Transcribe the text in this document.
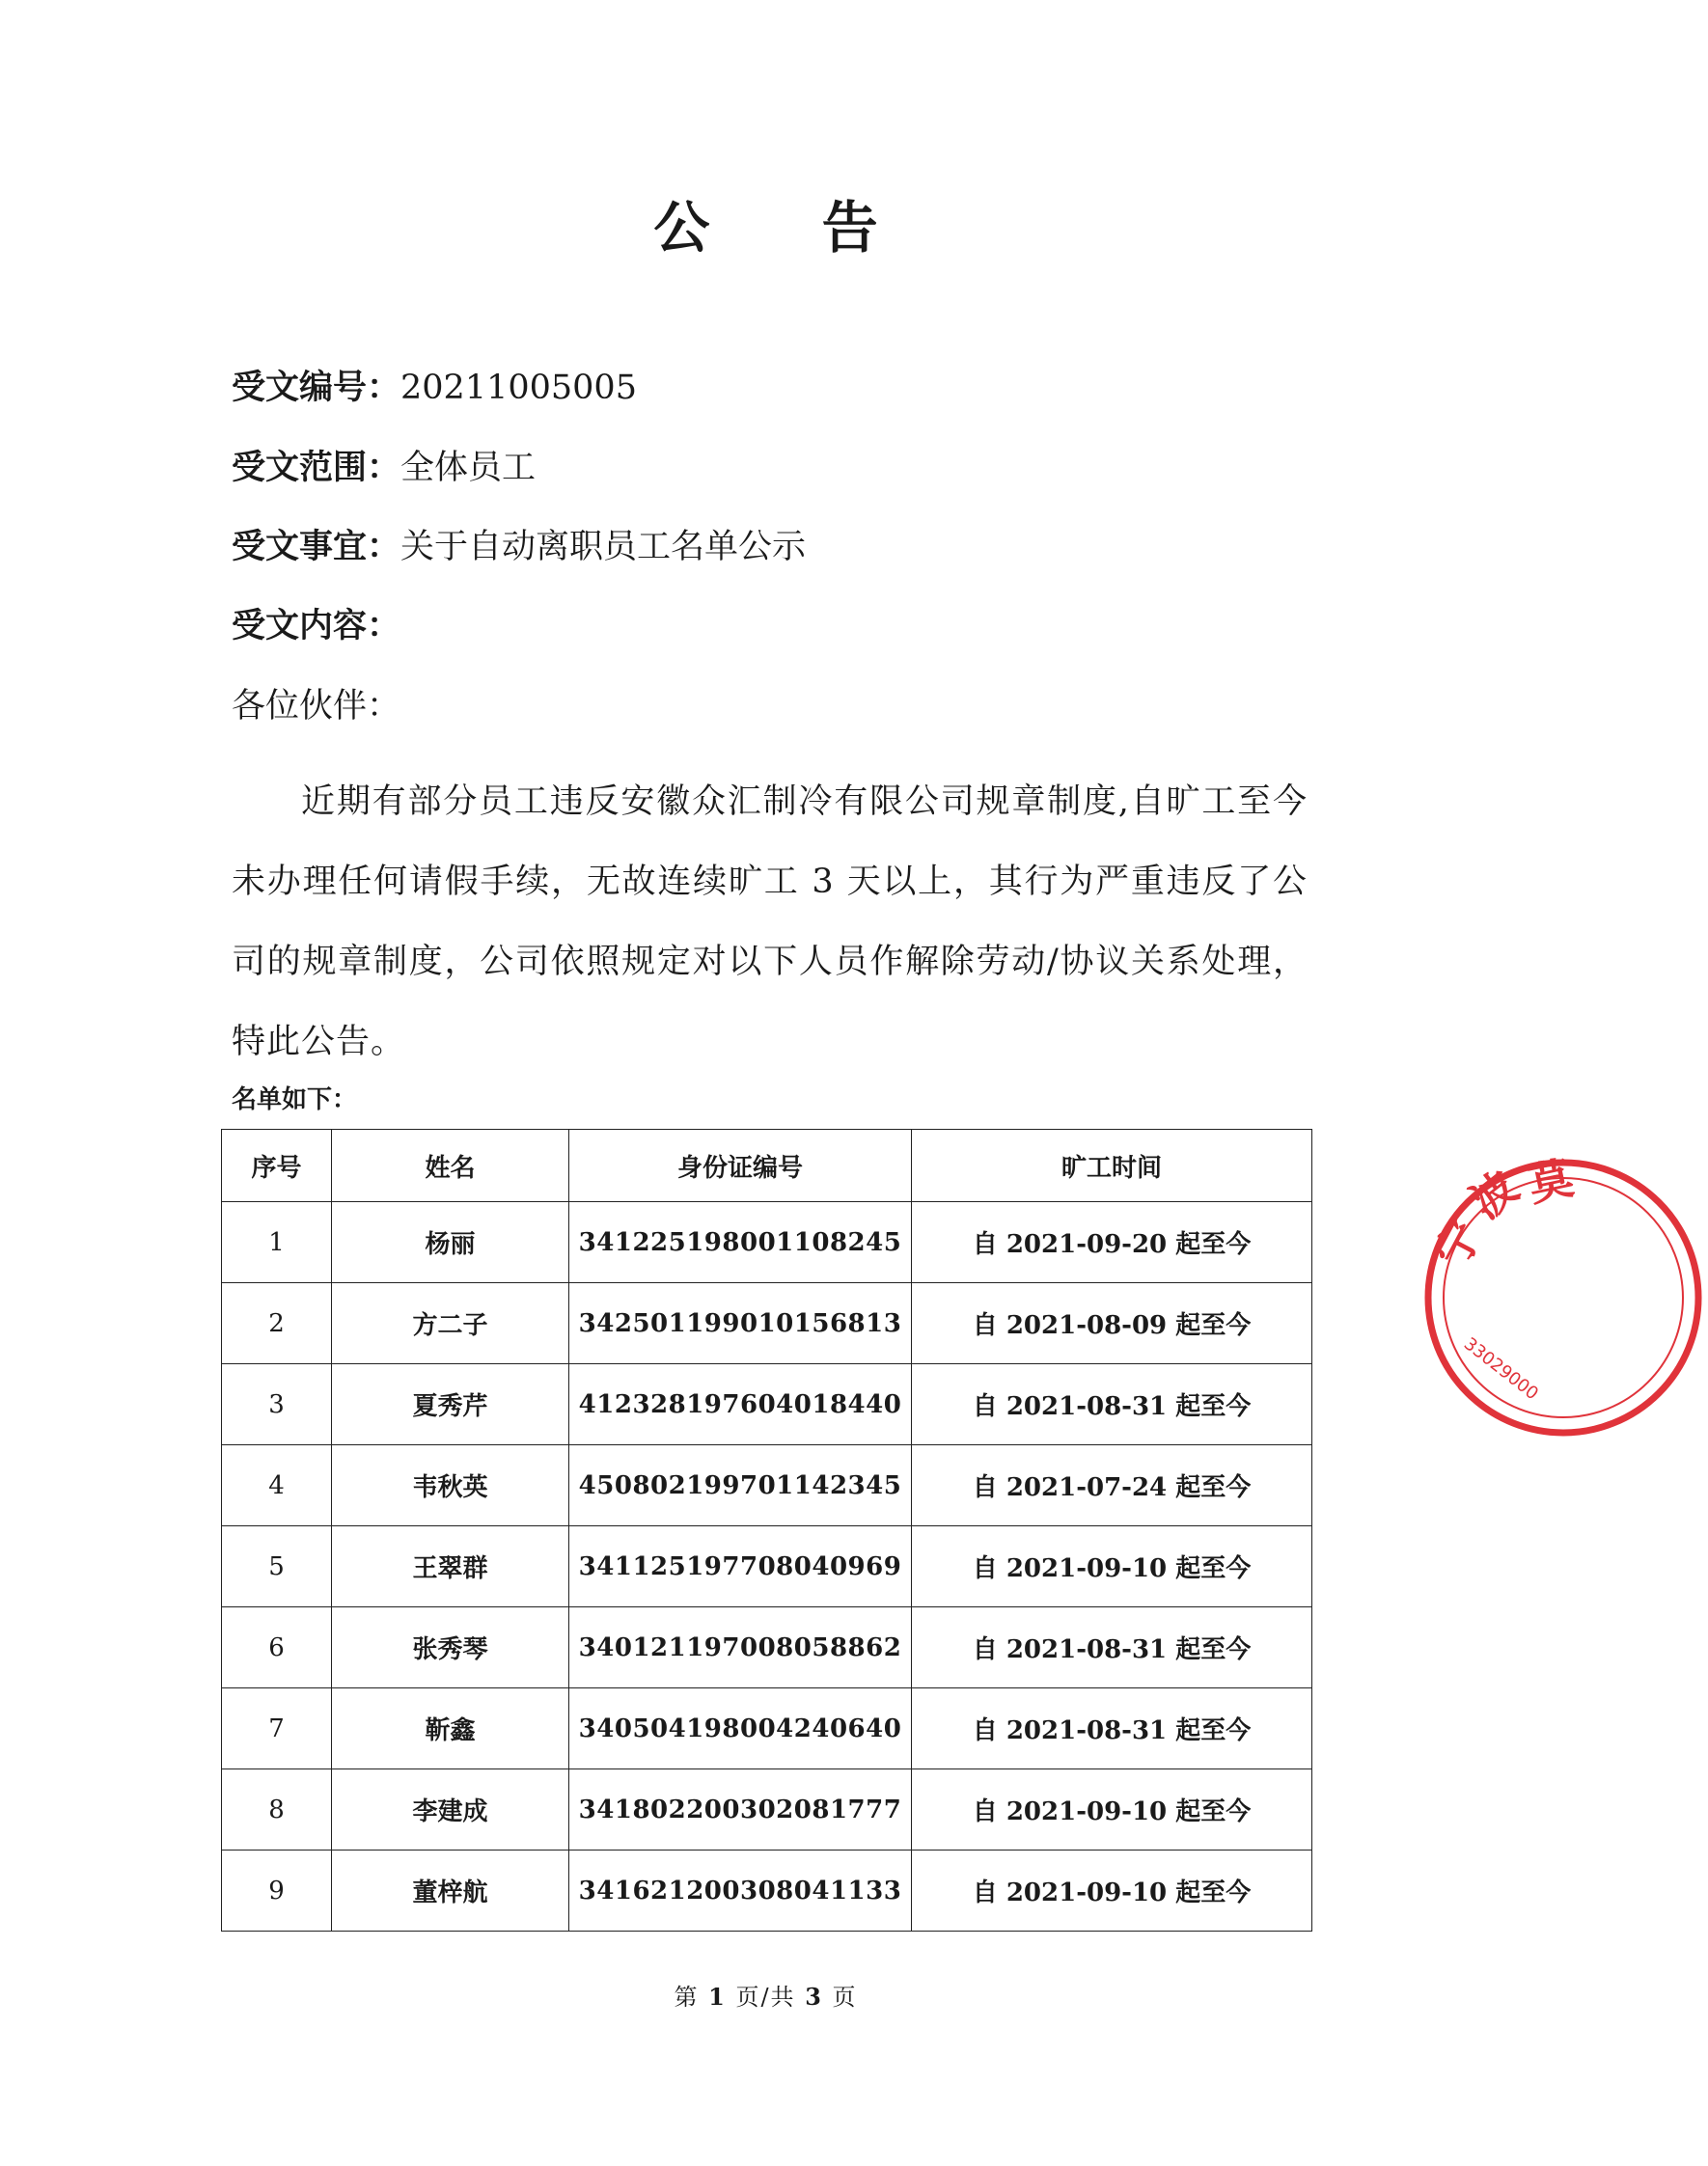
公 告
受文编号：20211005005
受文范围：全体员工
受文事宜：关于自动离职员工名单公示
受文内容：
各位伙伴：
近期有部分员工违反安徽众汇制冷有限公司规章制度,自旷工至今未办理任何请假手续，无故连续旷工 3 天以上，其行为严重违反了公司的规章制度，公司依照规定对以下人员作解除劳动/协议关系处理，特此公告。
名单如下：
序号	姓名	身份证编号	旷工时间
1	杨丽	341225198001108245	自 2021-09-20 起至今
2	方二子	342501199010156813	自 2021-08-09 起至今
3	夏秀芹	412328197604018440	自 2021-08-31 起至今
4	韦秋英	450802199701142345	自 2021-07-24 起至今
5	王翠群	341125197708040969	自 2021-09-10 起至今
6	张秀琴	340121197008058862	自 2021-08-31 起至今
7	靳鑫	340504198004240640	自 2021-08-31 起至今
8	李建成	341802200302081777	自 2021-09-10 起至今
9	董梓航	341621200308041133	自 2021-09-10 起至今
第 1 页/共 3 页
宁
波
莫
33029000
